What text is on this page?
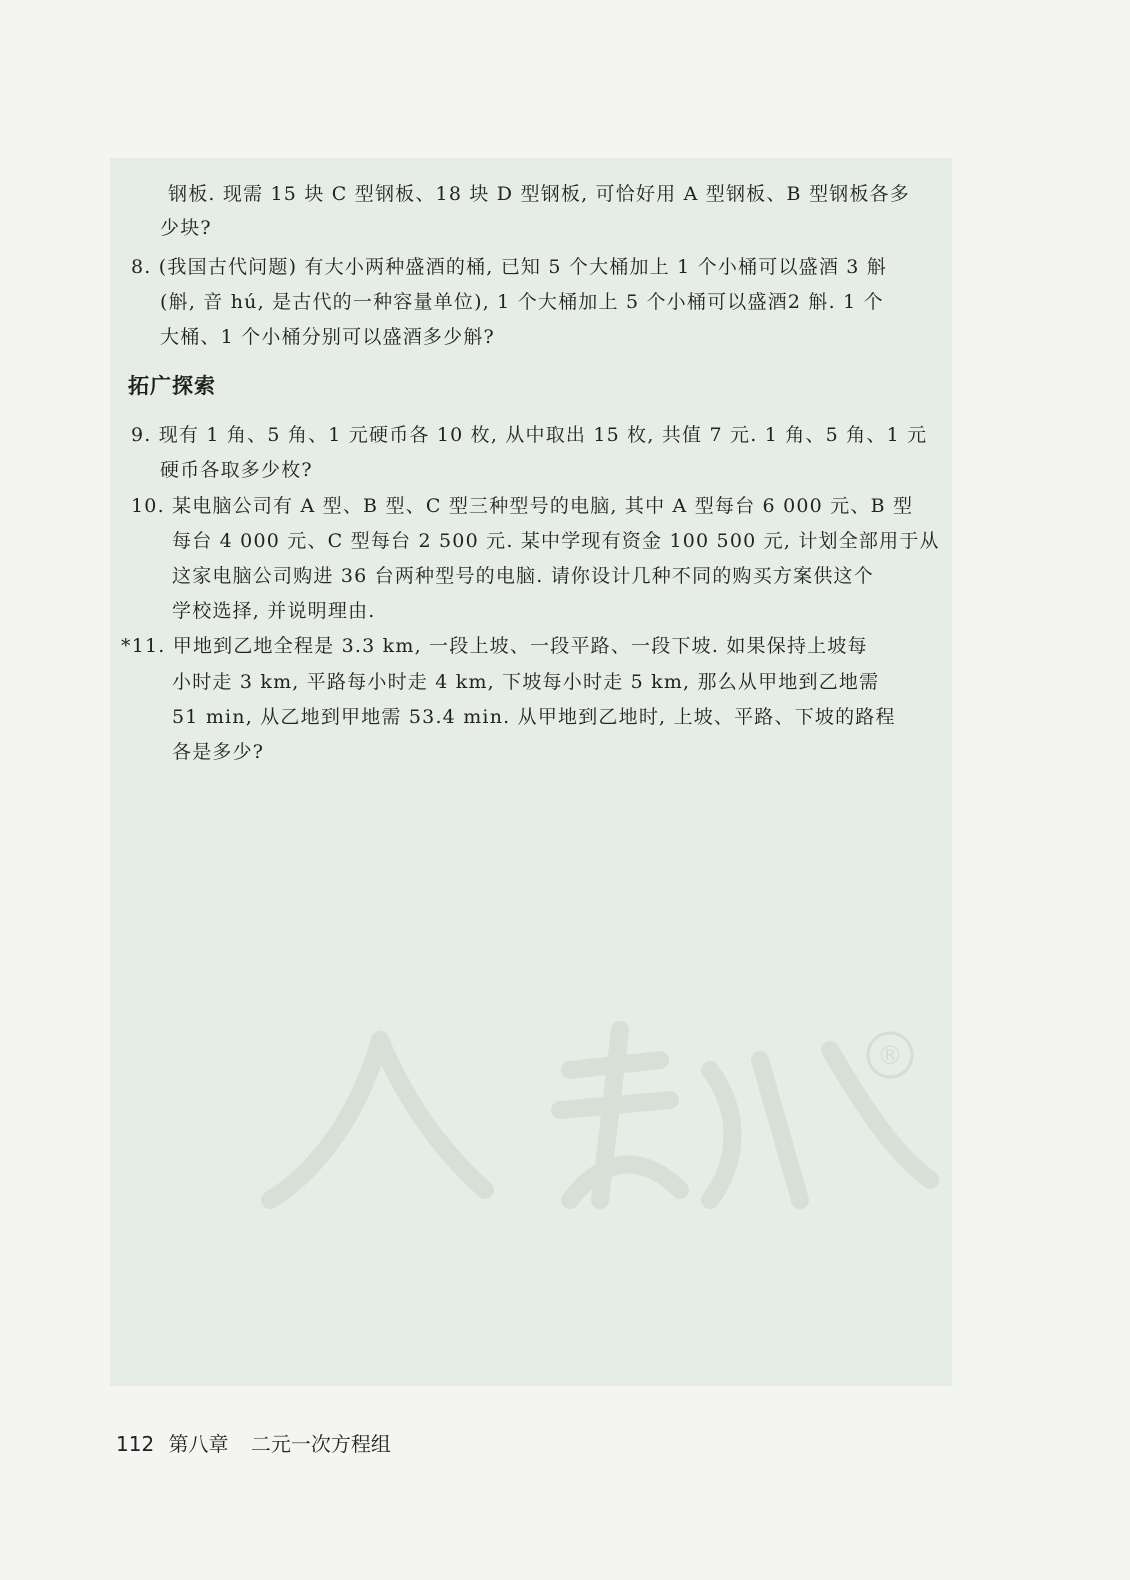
®
人教版
钢板. 现需 15 块 C 型钢板、18 块 D 型钢板, 可恰好用 A 型钢板、B 型钢板各多
少块?
8. (我国古代问题) 有大小两种盛酒的桶, 已知 5 个大桶加上 1 个小桶可以盛酒 3 斛
(斛, 音 hú, 是古代的一种容量单位), 1 个大桶加上 5 个小桶可以盛酒2 斛. 1 个
大桶、1 个小桶分别可以盛酒多少斛?
拓广探索
9. 现有 1 角、5 角、1 元硬币各 10 枚, 从中取出 15 枚, 共值 7 元. 1 角、5 角、1 元
硬币各取多少枚?
10. 某电脑公司有 A 型、B 型、C 型三种型号的电脑, 其中 A 型每台 6 000 元、B 型
每台 4 000 元、C 型每台 2 500 元. 某中学现有资金 100 500 元, 计划全部用于从
这家电脑公司购进 36 台两种型号的电脑. 请你设计几种不同的购买方案供这个
学校选择, 并说明理由.
*11. 甲地到乙地全程是 3.3 km, 一段上坡、一段平路、一段下坡. 如果保持上坡每
小时走 3 km, 平路每小时走 4 km, 下坡每小时走 5 km, 那么从甲地到乙地需
51 min, 从乙地到甲地需 53.4 min. 从甲地到乙地时, 上坡、平路、下坡的路程
各是多少?
112 第八章 二元一次方程组
